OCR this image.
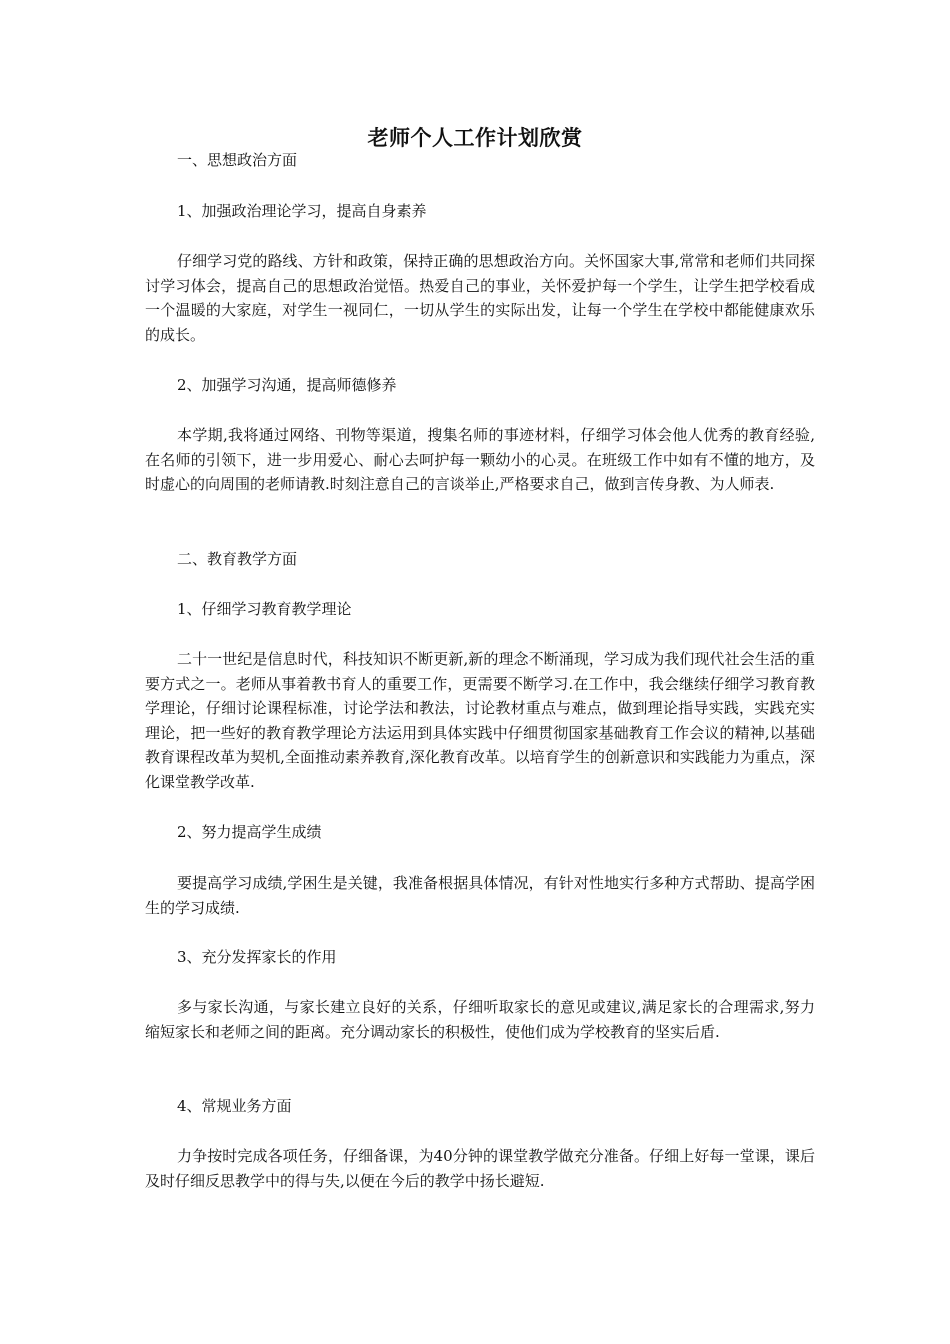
老师个人工作计划欣赏
一、思想政治方面
1、加强政治理论学习，提高自身素养
仔细学习党的路线、方针和政策，保持正确的思想政治方向。关怀国家大事,常常和老师们共同探讨学习体会，提高自己的思想政治觉悟。热爱自己的事业，关怀爱护每一个学生，让学生把学校看成一个温暖的大家庭，对学生一视同仁，一切从学生的实际出发，让每一个学生在学校中都能健康欢乐的成长。
2、加强学习沟通，提高师德修养
本学期,我将通过网络、刊物等渠道，搜集名师的事迹材料，仔细学习体会他人优秀的教育经验,在名师的引领下，进一步用爱心、耐心去呵护每一颗幼小的心灵。在班级工作中如有不懂的地方，及时虚心的向周围的老师请教.时刻注意自己的言谈举止,严格要求自己，做到言传身教、为人师表.
二、教育教学方面
1、仔细学习教育教学理论
二十一世纪是信息时代，科技知识不断更新,新的理念不断涌现，学习成为我们现代社会生活的重要方式之一。老师从事着教书育人的重要工作，更需要不断学习.在工作中，我会继续仔细学习教育教学理论，仔细讨论课程标准，讨论学法和教法，讨论教材重点与难点，做到理论指导实践，实践充实理论，把一些好的教育教学理论方法运用到具体实践中仔细贯彻国家基础教育工作会议的精神,以基础教育课程改革为契机,全面推动素养教育,深化教育改革。以培育学生的创新意识和实践能力为重点，深化课堂教学改革.
2、努力提高学生成绩
要提高学习成绩,学困生是关键，我准备根据具体情况，有针对性地实行多种方式帮助、提高学困生的学习成绩.
3、充分发挥家长的作用
多与家长沟通，与家长建立良好的关系，仔细听取家长的意见或建议,满足家长的合理需求,努力缩短家长和老师之间的距离。充分调动家长的积极性，使他们成为学校教育的坚实后盾.
4、常规业务方面
力争按时完成各项任务，仔细备课，为40分钟的课堂教学做充分准备。仔细上好每一堂课，课后及时仔细反思教学中的得与失,以便在今后的教学中扬长避短.
